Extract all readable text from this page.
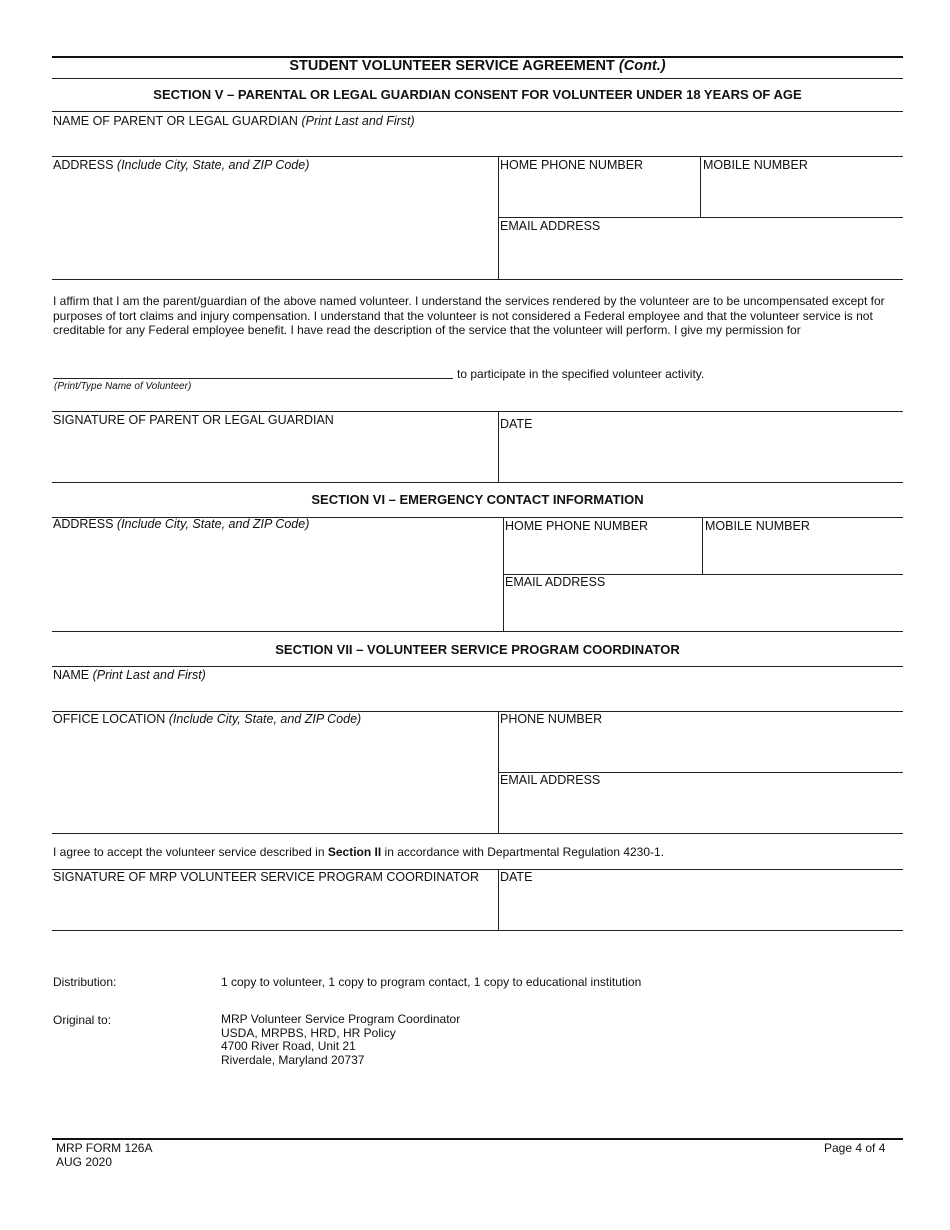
STUDENT VOLUNTEER SERVICE AGREEMENT (Cont.)
SECTION V – PARENTAL OR LEGAL GUARDIAN CONSENT FOR VOLUNTEER UNDER 18 YEARS OF AGE
NAME OF PARENT OR LEGAL GUARDIAN (Print Last and First)
ADDRESS (Include City, State, and ZIP Code)	HOME PHONE NUMBER	MOBILE NUMBER
EMAIL ADDRESS
I affirm that I am the parent/guardian of the above named volunteer. I understand the services rendered by the volunteer are to be uncompensated except for purposes of tort claims and injury compensation. I understand that the volunteer is not considered a Federal employee and that the volunteer service is not creditable for any Federal employee benefit. I have read the description of the service that the volunteer will perform. I give my permission for
to participate in the specified volunteer activity.
(Print/Type Name of Volunteer)
SIGNATURE OF PARENT OR LEGAL GUARDIAN	DATE
SECTION VI – EMERGENCY CONTACT INFORMATION
ADDRESS (Include City, State, and ZIP Code)	HOME PHONE NUMBER	MOBILE NUMBER
EMAIL ADDRESS
SECTION VII – VOLUNTEER SERVICE PROGRAM COORDINATOR
NAME (Print Last and First)
OFFICE LOCATION (Include City, State, and ZIP Code)	PHONE NUMBER
EMAIL ADDRESS
I agree to accept the volunteer service described in Section II in accordance with Departmental Regulation 4230-1.
SIGNATURE OF MRP VOLUNTEER SERVICE PROGRAM COORDINATOR DATE
Distribution:	1 copy to volunteer, 1 copy to program contact, 1 copy to educational institution
Original to:	MRP Volunteer Service Program Coordinator
USDA, MRPBS, HRD, HR Policy
4700 River Road, Unit 21
Riverdale, Maryland 20737
MRP FORM 126A
AUG 2020
Page 4 of 4
